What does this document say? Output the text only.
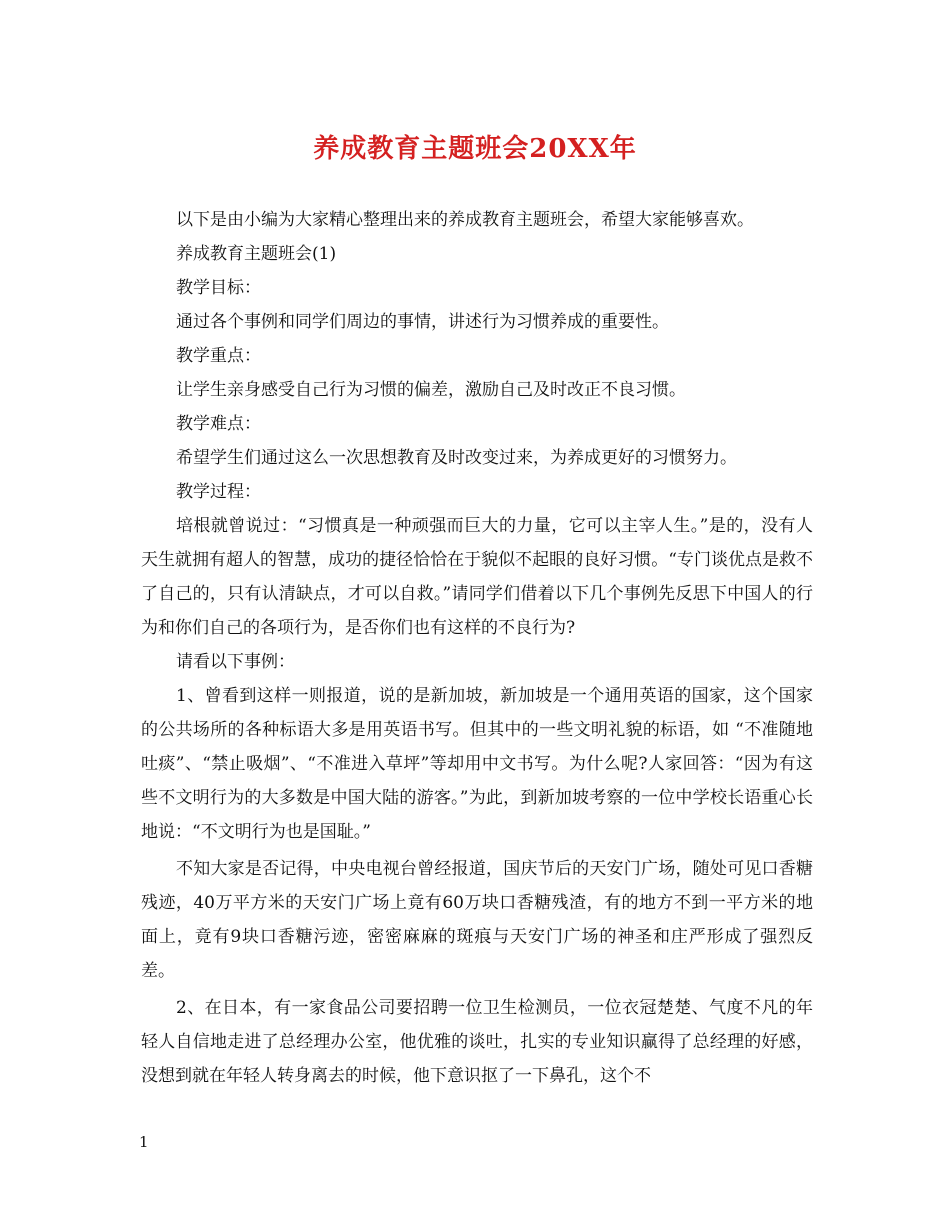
养成教育主题班会20XX年

以下是由小编为大家精心整理出来的养成教育主题班会，希望大家能够喜欢。

养成教育主题班会(1)

教学目标：

通过各个事例和同学们周边的事情，讲述行为习惯养成的重要性。

教学重点：

让学生亲身感受自己行为习惯的偏差，激励自己及时改正不良习惯。

教学难点：

希望学生们通过这么一次思想教育及时改变过来，为养成更好的习惯努力。

教学过程：

培根就曾说过：“习惯真是一种顽强而巨大的力量，它可以主宰人生。”是的，没有人天生就拥有超人的智慧，成功的捷径恰恰在于貌似不起眼的良好习惯。“专门谈优点是救不了自己的，只有认清缺点，才可以自救。”请同学们借着以下几个事例先反思下中国人的行为和你们自己的各项行为，是否你们也有这样的不良行为?

请看以下事例：

1、曾看到这样一则报道，说的是新加坡，新加坡是一个通用英语的国家，这个国家的公共场所的各种标语大多是用英语书写。但其中的一些文明礼貌的标语，如 “不准随地吐痰”、“禁止吸烟”、“不准进入草坪”等却用中文书写。为什么呢?人家回答：“因为有这些不文明行为的大多数是中国大陆的游客。”为此，到新加坡考察的一位中学校长语重心长地说：“不文明行为也是国耻。”

不知大家是否记得，中央电视台曾经报道，国庆节后的天安门广场，随处可见口香糖残迹，40万平方米的天安门广场上竟有60万块口香糖残渣，有的地方不到一平方米的地面上，竟有9块口香糖污迹，密密麻麻的斑痕与天安门广场的神圣和庄严形成了强烈反差。

2、在日本，有一家食品公司要招聘一位卫生检测员，一位衣冠楚楚、气度不凡的年轻人自信地走进了总经理办公室，他优雅的谈吐，扎实的专业知识赢得了总经理的好感，没想到就在年轻人转身离去的时候，他下意识抠了一下鼻孔，这个不

1
